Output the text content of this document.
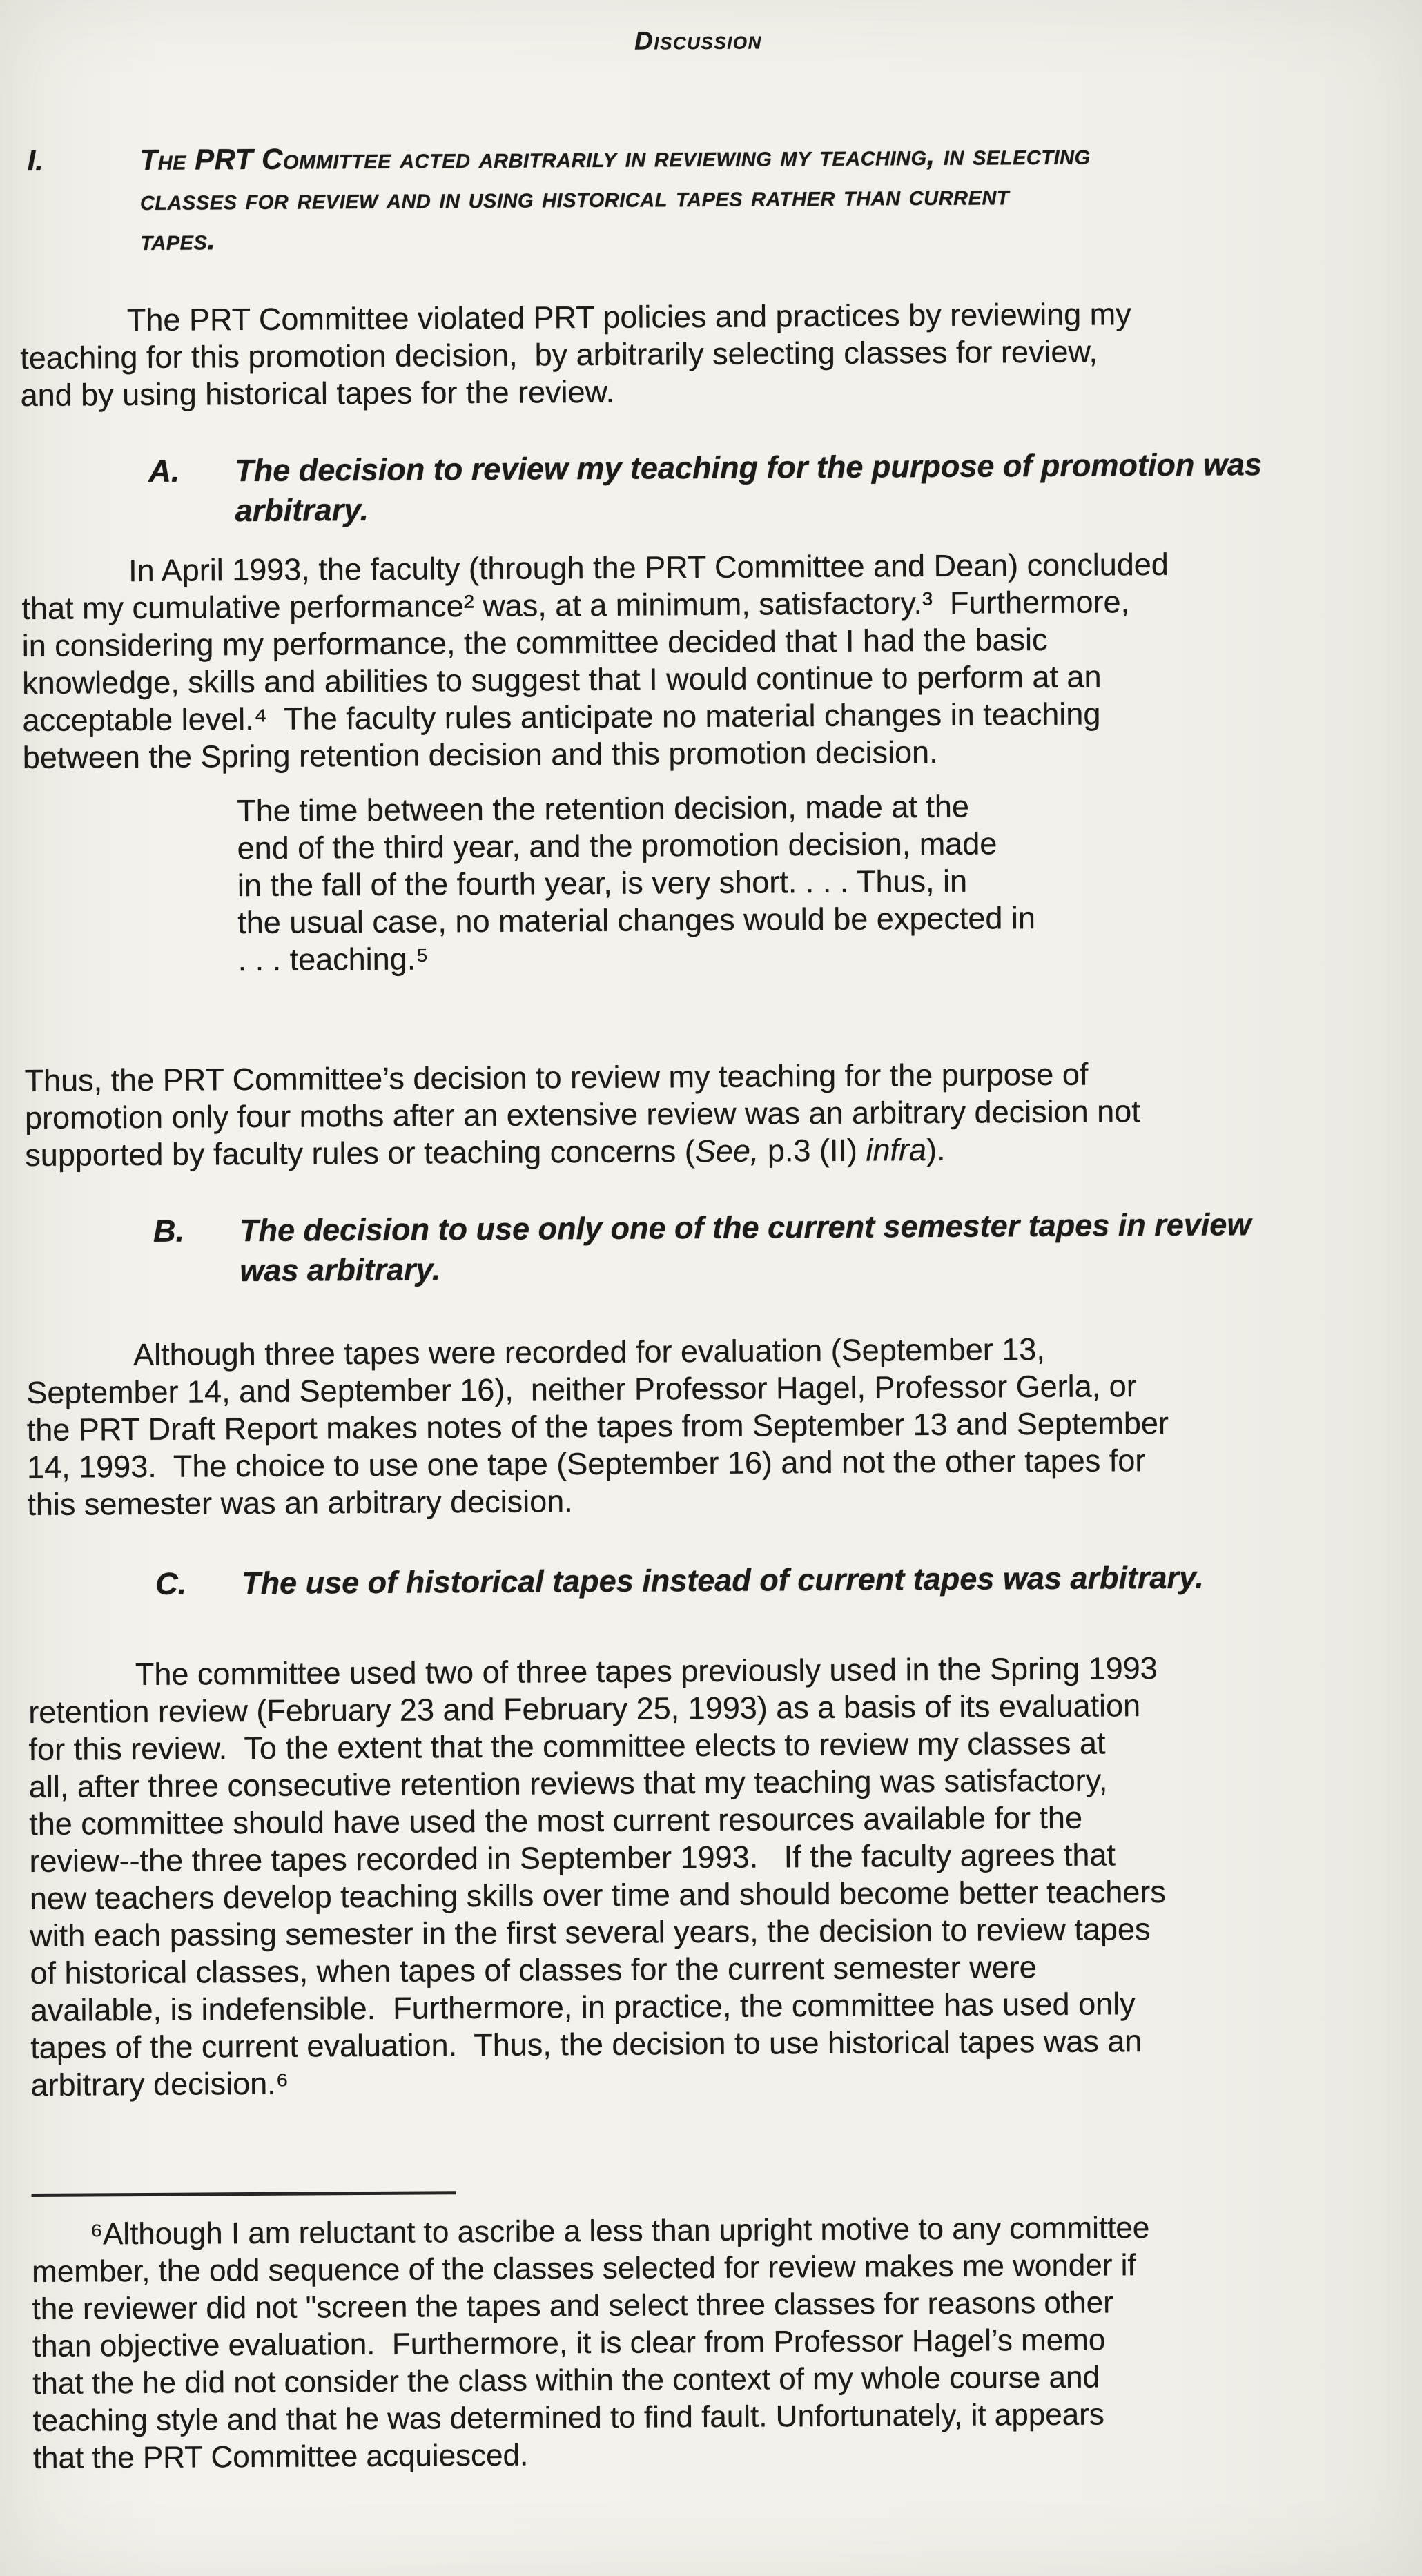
Discussion
I.	The PRT Committee acted arbitrarily in reviewing my teaching, in selecting
classes for review and in using historical tapes rather than current
tapes.

The PRT Committee violated PRT policies and practices by reviewing my
teaching for this promotion decision,  by arbitrarily selecting classes for review,
and by using historical tapes for the review.

A.	The decision to review my teaching for the purpose of promotion was
arbitrary.

In April 1993, the faculty (through the PRT Committee and Dean) concluded
that my cumulative performance² was, at a minimum, satisfactory.³  Furthermore,
in considering my performance, the committee decided that I had the basic
knowledge, skills and abilities to suggest that I would continue to perform at an
acceptable level.⁴  The faculty rules anticipate no material changes in teaching
between the Spring retention decision and this promotion decision.

The time between the retention decision, made at the
end of the third year, and the promotion decision, made
in the fall of the fourth year, is very short. . . . Thus, in
the usual case, no material changes would be expected in
. . . teaching.⁵

Thus, the PRT Committee’s decision to review my teaching for the purpose of
promotion only four moths after an extensive review was an arbitrary decision not
supported by faculty rules or teaching concerns (See, p.3 (II) infra).

B.	The decision to use only one of the current semester tapes in review
was arbitrary.

Although three tapes were recorded for evaluation (September 13,
September 14, and September 16),  neither Professor Hagel, Professor Gerla, or
the PRT Draft Report makes notes of the tapes from September 13 and September
14, 1993.  The choice to use one tape (September 16) and not the other tapes for
this semester was an arbitrary decision.

C.	The use of historical tapes instead of current tapes was arbitrary.

The committee used two of three tapes previously used in the Spring 1993
retention review (February 23 and February 25, 1993) as a basis of its evaluation
for this review.  To the extent that the committee elects to review my classes at
all, after three consecutive retention reviews that my teaching was satisfactory,
the committee should have used the most current resources available for the
review--the three tapes recorded in September 1993.   If the faculty agrees that
new teachers develop teaching skills over time and should become better teachers
with each passing semester in the first several years, the decision to review tapes
of historical classes, when tapes of classes for the current semester were
available, is indefensible.  Furthermore, in practice, the committee has used only
tapes of the current evaluation.  Thus, the decision to use historical tapes was an
arbitrary decision.⁶

⁶Although I am reluctant to ascribe a less than upright motive to any committee
member, the odd sequence of the classes selected for review makes me wonder if
the reviewer did not "screen the tapes and select three classes for reasons other
than objective evaluation.  Furthermore, it is clear from Professor Hagel’s memo
that the he did not consider the class within the context of my whole course and
teaching style and that he was determined to find fault. Unfortunately, it appears
that the PRT Committee acquiesced.
